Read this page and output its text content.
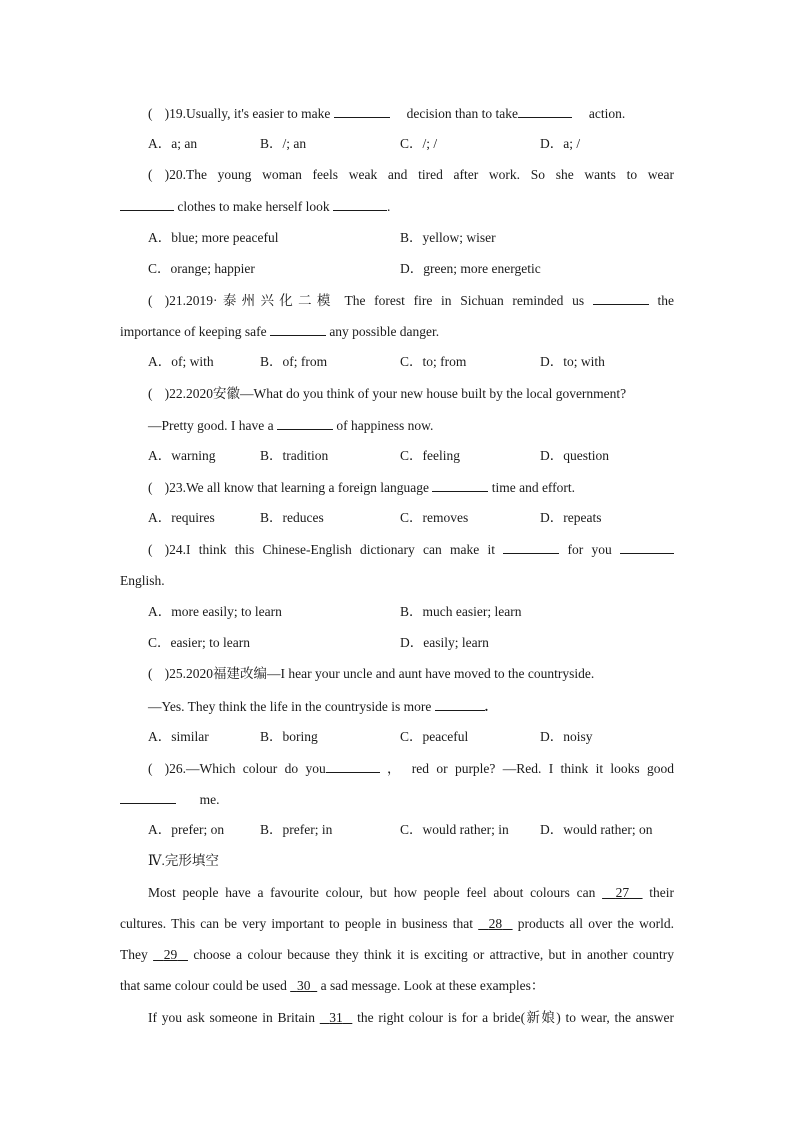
( )19. Usually, it's easier to make	decision than to take	action.
A．a; an	B．/; an	C．/; /	D．a; /
( )20. The young woman feels weak and tired after work. So she wants to wear
clothes to make herself look	.
A．blue; more peaceful	B．yellow; wiser
C．orange; happier	D．green; more energetic
( )21. 2019·泰州兴化二模 The forest fire in Sichuan reminded us	the
importance of keeping safe	any possible danger.
A．of; with	B．of; from	C．to; from	D．to; with
( )22. 2020安徽—What do you think of your new house built by the local government?
—Pretty good. I have a	of happiness now.
A．warning	B．tradition	C．feeling	D．question
( )23. We all know that learning a foreign language	time and effort.
A．requires	B．reduces	C．removes	D．repeats
( )24. I think this Chinese-English dictionary can make it	for you
English.
A．more easily; to learn	B．much easier; learn
C．easier; to learn	D．easily; learn
( )25. 2020福建改编—I hear your uncle and aunt have moved to the countryside.
—Yes. They think the life in the countryside is more	.
A．similar	B．boring	C．peaceful	D．noisy
( )26. —Which colour do you	， red or purple? —Red. I think it looks good
me.
A．prefer; on	B．prefer; in	C．would rather; in D．would rather; on
Ⅳ.完形填空
Most people have a favourite colour, but how people feel about colours can 27 their
cultures. This can be very important to people in business that 28 products all over the world.
They 29 choose a colour because they think it is exciting or attractive, but in another country
that same colour could be used 30 a sad message. Look at these examples：
If you ask someone in Britain 31 the right colour is for a bride(新娘) to wear, the answer
